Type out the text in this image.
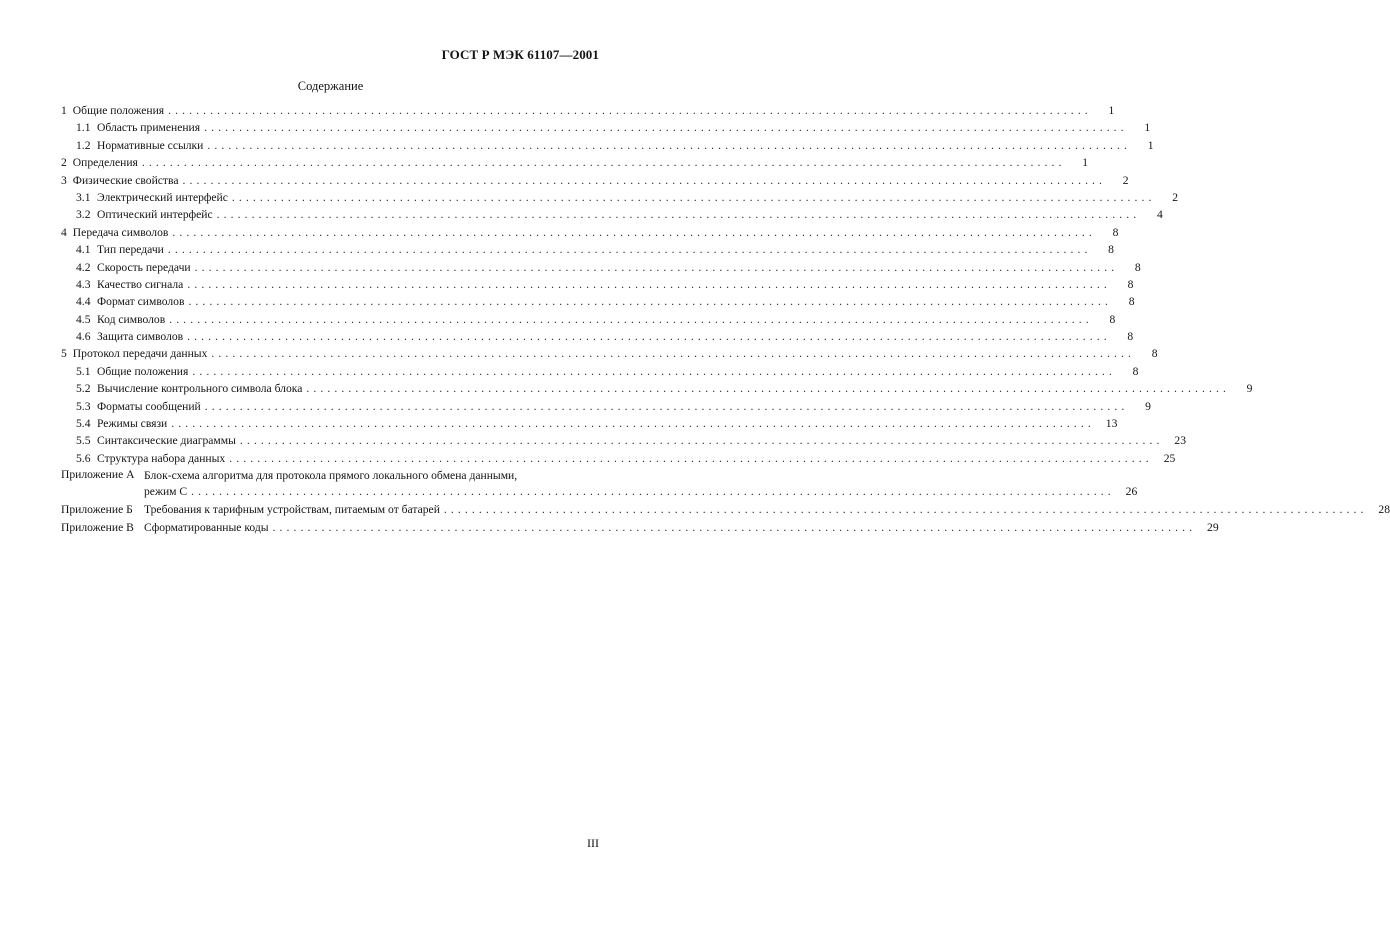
ГОСТ Р МЭК 61107—2001
Содержание
1 Общие положения . . .	1
1.1 Область применения . . .	1
1.2 Нормативные ссылки . . .	1
2 Определения . . .	1
3 Физические свойства . . .	2
3.1 Электрический интерфейс . . .	2
3.2 Оптический интерфейс . . .	4
4 Передача символов . . .	8
4.1 Тип передачи . . .	8
4.2 Скорость передачи . . .	8
4.3 Качество сигнала . . .	8
4.4 Формат символов . . .	8
4.5 Код символов . . .	8
4.6 Защита символов . . .	8
5 Протокол передачи данных . . .	8
5.1 Общие положения . . .	8
5.2 Вычисление контрольного символа блока . . .	9
5.3 Форматы сообщений . . .	9
5.4 Режимы связи . . .	13
5.5 Синтаксические диаграммы . . .	23
5.6 Структура набора данных . . .	25
Приложение А Блок-схема алгоритма для протокола прямого локального обмена данными,
режим С . . .	26
Приложение Б Требования к тарифным устройствам, питаемым от батарей . . .	28
Приложение В Сформатированные коды . . .	29
III
